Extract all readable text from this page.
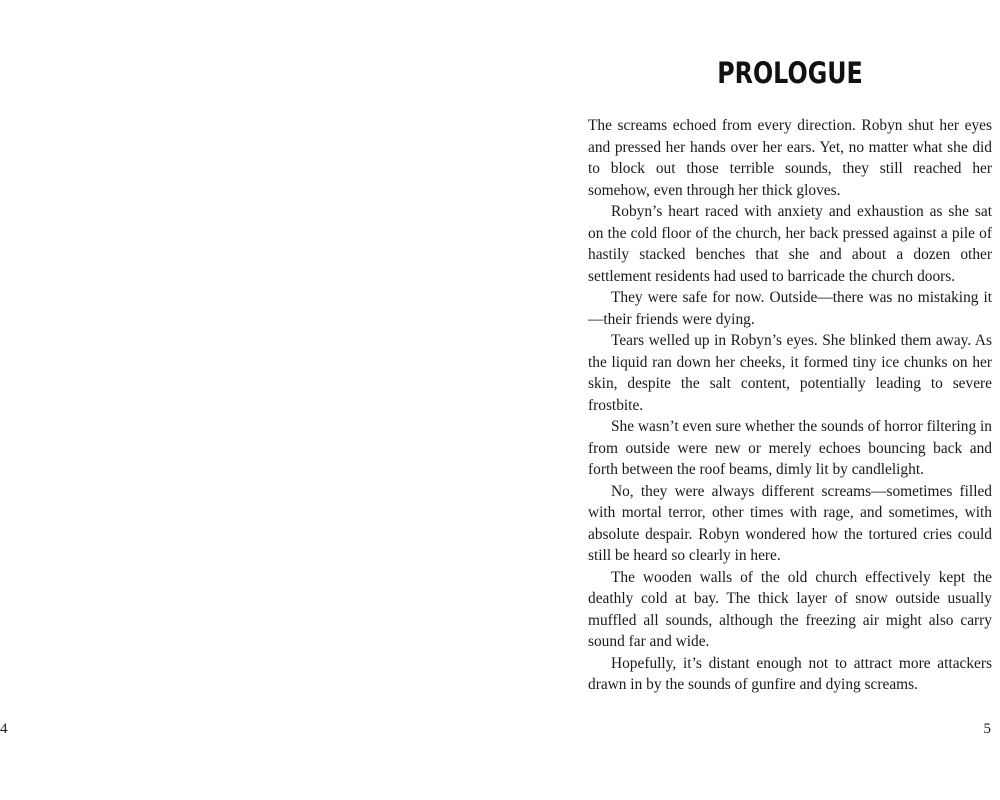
4
PROLOGUE

The screams echoed from every direction. Robyn shut her eyes and pressed her hands over her ears. Yet, no matter what she did to block out those terrible sounds, they still reached her somehow, even through her thick gloves.

Robyn’s heart raced with anxiety and exhaustion as she sat on the cold floor of the church, her back pressed against a pile of hastily stacked benches that she and about a dozen other settlement residents had used to barricade the church doors.

They were safe for now. Outside—there was no mistaking it—their friends were dying.

Tears welled up in Robyn’s eyes. She blinked them away. As the liquid ran down her cheeks, it formed tiny ice chunks on her skin, despite the salt content, potentially leading to severe frostbite.

She wasn’t even sure whether the sounds of horror filtering in from outside were new or merely echoes bouncing back and forth between the roof beams, dimly lit by candlelight.

No, they were always different screams—sometimes filled with mortal terror, other times with rage, and sometimes, with absolute despair. Robyn wondered how the tortured cries could still be heard so clearly in here.

The wooden walls of the old church effectively kept the deathly cold at bay. The thick layer of snow outside usually muffled all sounds, although the freezing air might also carry sound far and wide.

Hopefully, it’s distant enough not to attract more attackers drawn in by the sounds of gunfire and dying screams.

5
